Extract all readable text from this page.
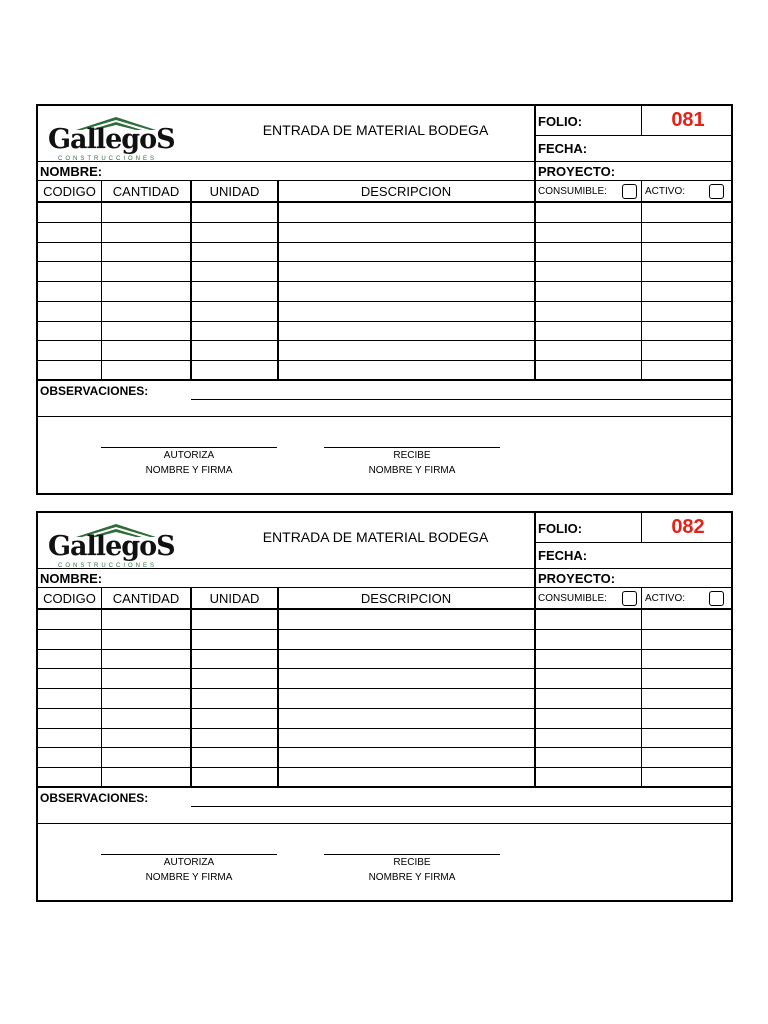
GallegoS
CONSTRUCCIONES
ENTRADA DE MATERIAL BODEGA
FOLIO:	081
FECHA:
NOMBRE:	PROYECTO:
CODIGO	CANTIDAD	UNIDAD	DESCRIPCION	CONSUMIBLE:	ACTIVO:
OBSERVACIONES:
AUTORIZA
NOMBRE Y FIRMA
RECIBE
NOMBRE Y FIRMA
GallegoS
CONSTRUCCIONES
ENTRADA DE MATERIAL BODEGA
FOLIO:	082
FECHA:
NOMBRE:	PROYECTO:
CODIGO	CANTIDAD	UNIDAD	DESCRIPCION	CONSUMIBLE:	ACTIVO:
OBSERVACIONES:
AUTORIZA
NOMBRE Y FIRMA
RECIBE
NOMBRE Y FIRMA
